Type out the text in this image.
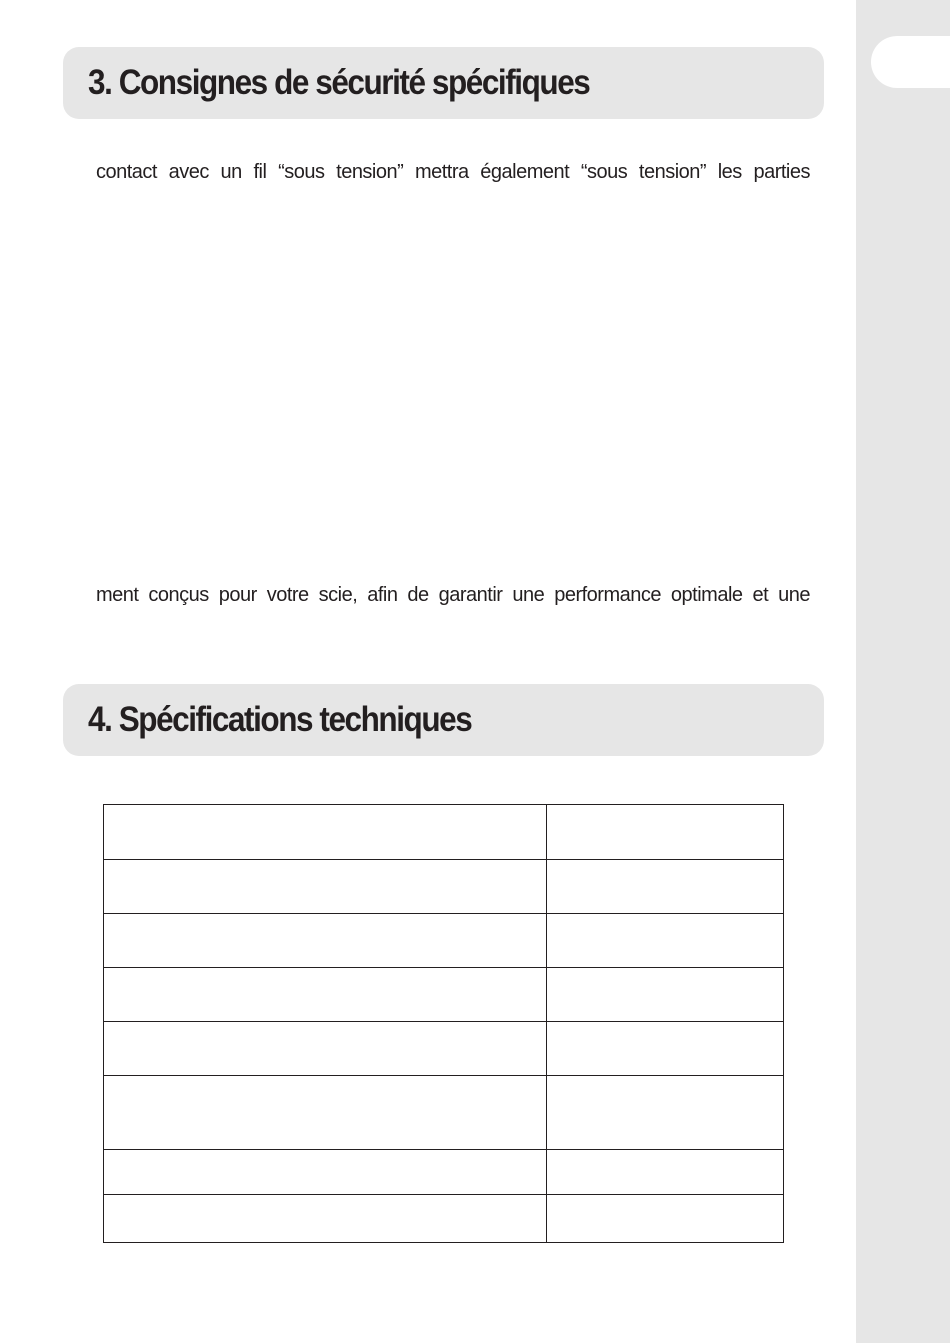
3. Consignes de sécurité spécifiques

contact avec un fil “sous tension” mettra également “sous tension” les parties

ment conçus pour votre scie, afin de garantir une performance optimale et une

4. Spécifications techniques
